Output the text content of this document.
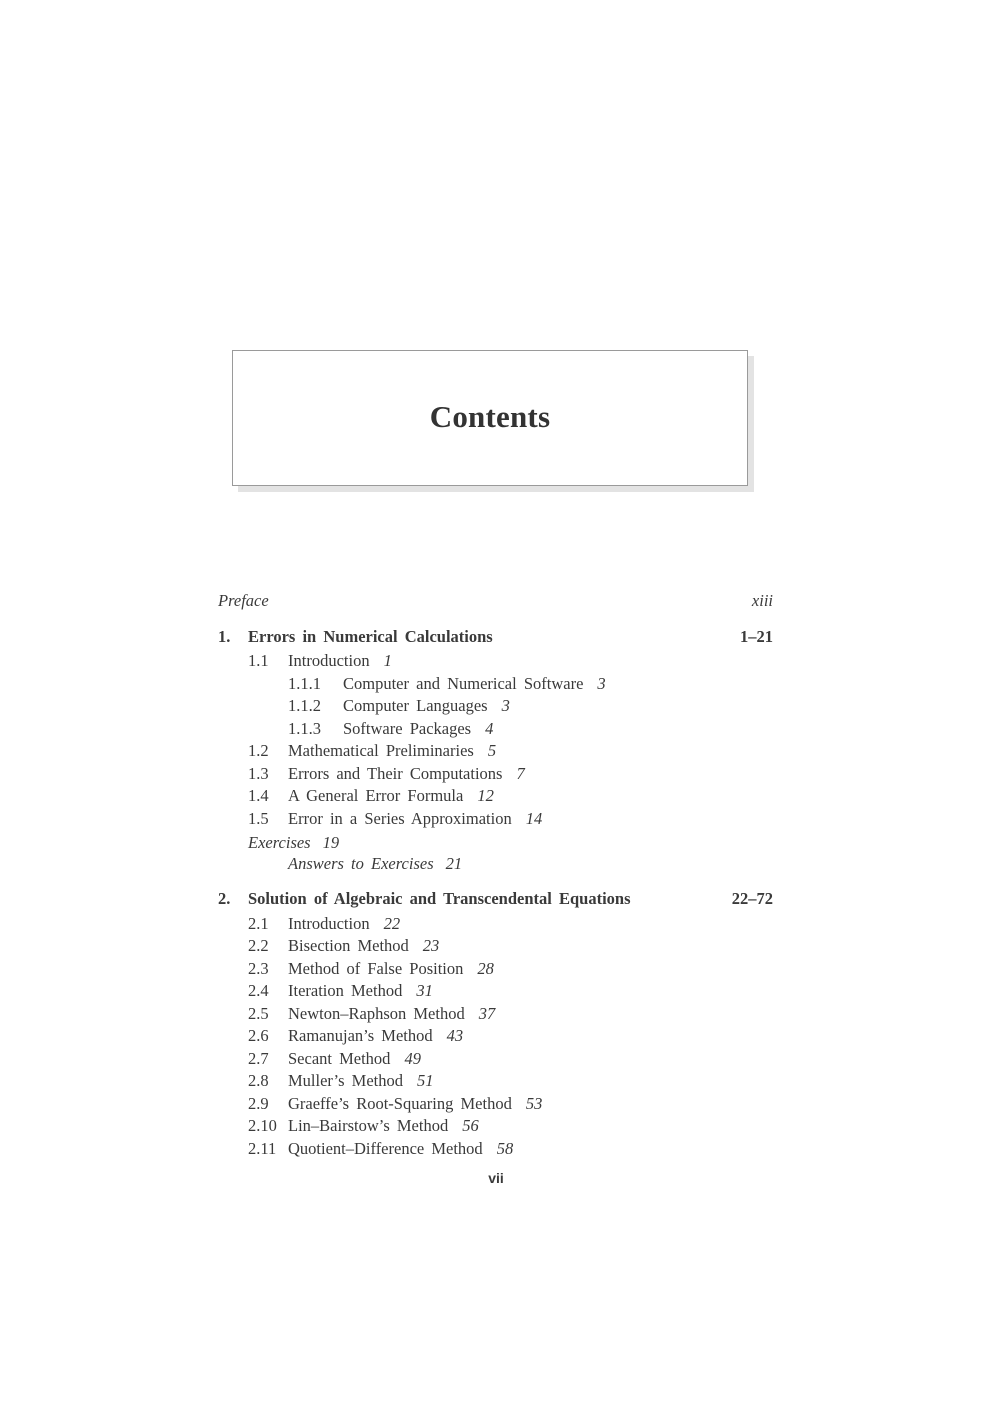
Contents
Preface	xiii
1. Errors in Numerical Calculations	1–21
1.1 Introduction 1
1.1.1 Computer and Numerical Software 3
1.1.2 Computer Languages 3
1.1.3 Software Packages 4
1.2 Mathematical Preliminaries 5
1.3 Errors and Their Computations 7
1.4 A General Error Formula 12
1.5 Error in a Series Approximation 14
Exercises 19
Answers to Exercises 21
2. Solution of Algebraic and Transcendental Equations	22–72
2.1 Introduction 22
2.2 Bisection Method 23
2.3 Method of False Position 28
2.4 Iteration Method 31
2.5 Newton–Raphson Method 37
2.6 Ramanujan’s Method 43
2.7 Secant Method 49
2.8 Muller’s Method 51
2.9 Graeffe’s Root-Squaring Method 53
2.10 Lin–Bairstow’s Method 56
2.11 Quotient–Difference Method 58
vii
